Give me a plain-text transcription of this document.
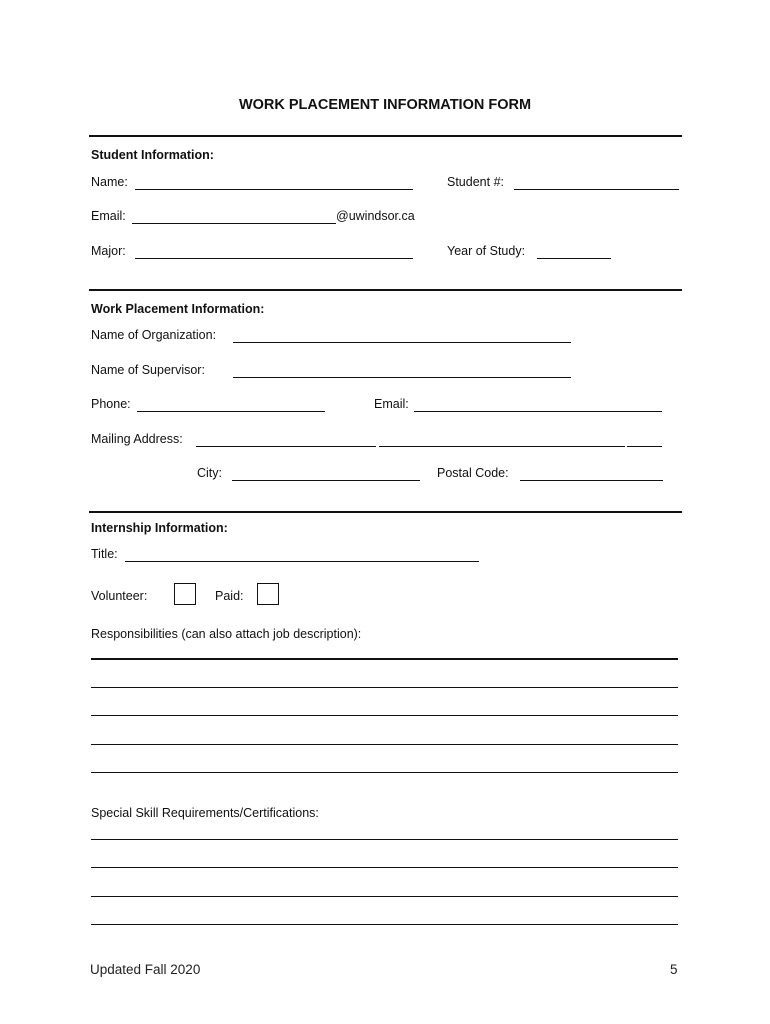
WORK PLACEMENT INFORMATION FORM
Student Information:
Name:	Student #:
Email:	@uwindsor.ca
Major:	Year of Study:
Work Placement Information:
Name of Organization:
Name of Supervisor:
Phone:	Email:
Mailing Address:
City:	Postal Code:
Internship Information:
Title:
Volunteer:	Paid:
Responsibilities (can also attach job description):
Special Skill Requirements/Certifications:
Updated Fall 2020	5
